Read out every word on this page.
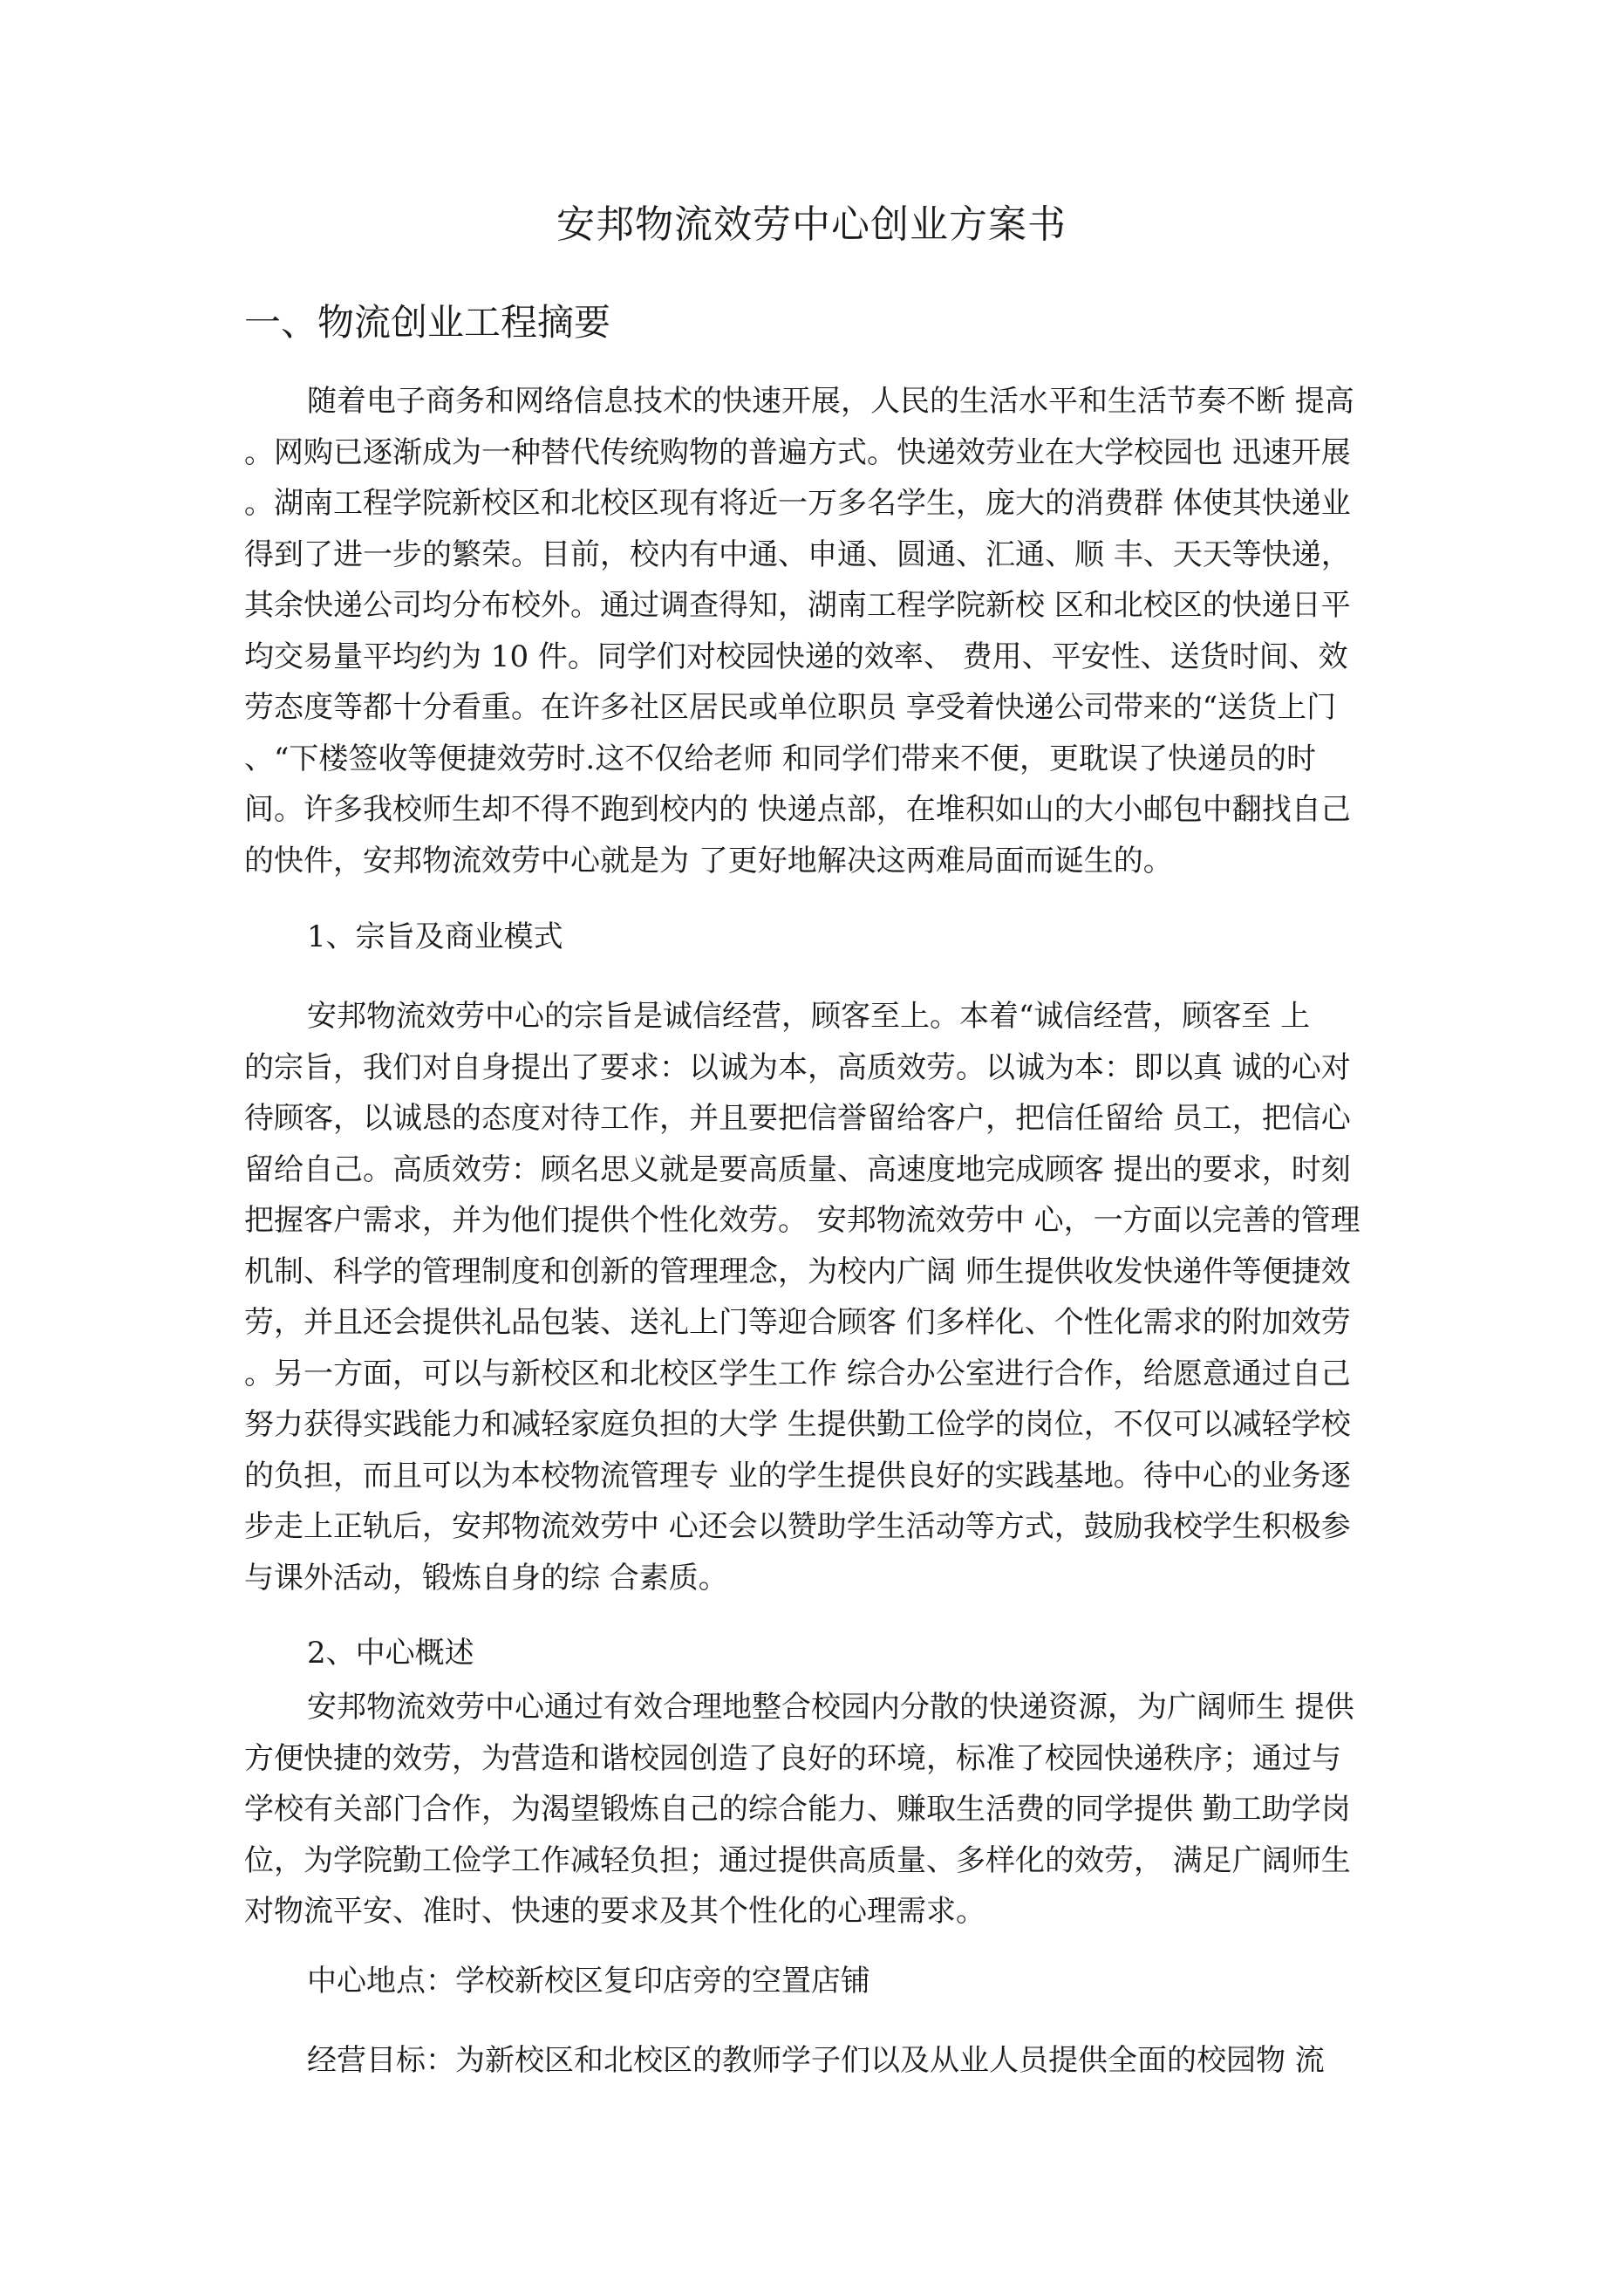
安邦物流效劳中心创业方案书
一、物流创业工程摘要
随着电子商务和网络信息技术的快速开展，人民的生活水平和生活节奏不断 提高
。网购已逐渐成为一种替代传统购物的普遍方式。快递效劳业在大学校园也 迅速开展
。湖南工程学院新校区和北校区现有将近一万多名学生，庞大的消费群 体使其快递业
得到了进一步的繁荣。目前，校内有中通、申通、圆通、汇通、顺 丰、天天等快递，
其余快递公司均分布校外。通过调查得知，湖南工程学院新校 区和北校区的快递日平
均交易量平均约为 10 件。同学们对校园快递的效率、 费用、平安性、送货时间、效
劳态度等都十分看重。在许多社区居民或单位职员 享受着快递公司带来的“送货上门
、“下楼签收等便捷效劳时.这不仅给老师 和同学们带来不便，更耽误了快递员的时
间。许多我校师生却不得不跑到校内的 快递点部，在堆积如山的大小邮包中翻找自己
的快件，安邦物流效劳中心就是为 了更好地解决这两难局面而诞生的。
1、宗旨及商业模式
安邦物流效劳中心的宗旨是诚信经营，顾客至上。本着“诚信经营，顾客至 上
的宗旨，我们对自身提出了要求：以诚为本，高质效劳。以诚为本：即以真 诚的心对
待顾客，以诚恳的态度对待工作，并且要把信誉留给客户，把信任留给 员工，把信心
留给自己。高质效劳：顾名思义就是要高质量、高速度地完成顾客 提出的要求，时刻
把握客户需求，并为他们提供个性化效劳。 安邦物流效劳中 心，一方面以完善的管理
机制、科学的管理制度和创新的管理理念，为校内广阔 师生提供收发快递件等便捷效
劳，并且还会提供礼品包装、送礼上门等迎合顾客 们多样化、个性化需求的附加效劳
。另一方面，可以与新校区和北校区学生工作 综合办公室进行合作，给愿意通过自己
努力获得实践能力和减轻家庭负担的大学 生提供勤工俭学的岗位，不仅可以减轻学校
的负担，而且可以为本校物流管理专 业的学生提供良好的实践基地。待中心的业务逐
步走上正轨后，安邦物流效劳中 心还会以赞助学生活动等方式，鼓励我校学生积极参
与课外活动，锻炼自身的综 合素质。
2、中心概述
安邦物流效劳中心通过有效合理地整合校园内分散的快递资源，为广阔师生 提供
方便快捷的效劳，为营造和谐校园创造了良好的环境，标准了校园快递秩序；通过与
学校有关部门合作，为渴望锻炼自己的综合能力、赚取生活费的同学提供 勤工助学岗
位，为学院勤工俭学工作减轻负担；通过提供高质量、多样化的效劳， 满足广阔师生
对物流平安、准时、快速的要求及其个性化的心理需求。
中心地点：学校新校区复印店旁的空置店铺
经营目标：为新校区和北校区的教师学子们以及从业人员提供全面的校园物 流
